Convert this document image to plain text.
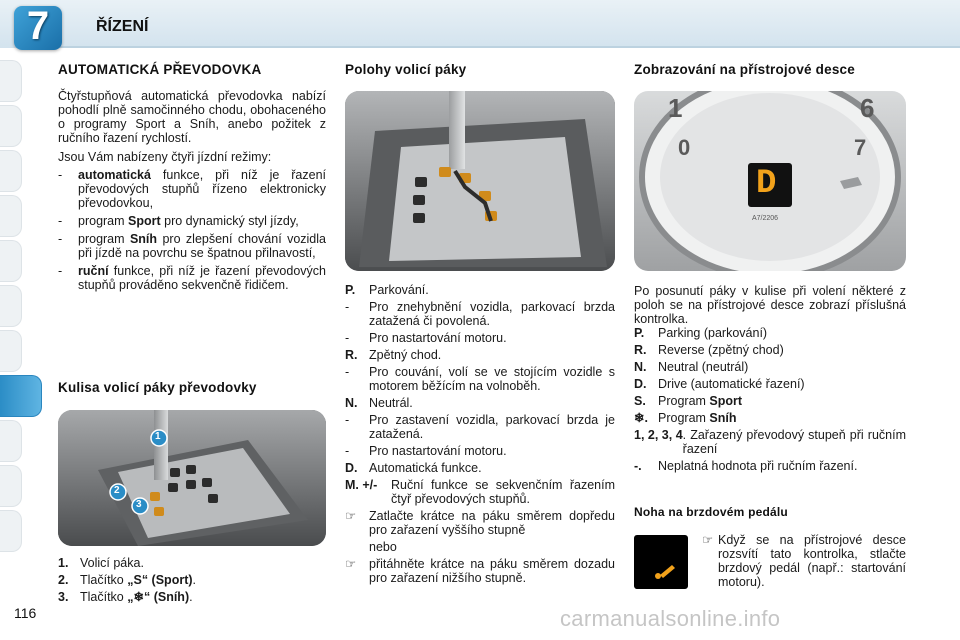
7	ŘÍZENÍ
AUTOMATICKÁ PŘEVODOVKA

Čtyřstupňová automatická převodovka nabízí pohodlí plně samočinného chodu, obohaceného o programy Sport a Sníh, anebo požitek z ručního řazení rychlostí.

Jsou Vám nabízeny čtyři jízdní režimy:

-	automatická funkce, při níž je řazení převodových stupňů řízeno elektronicky převodovkou,
-	program Sport pro dynamický styl jízdy,
-	program Sníh pro zlepšení chování vozidla při jízdě na povrchu se špatnou přilnavostí,
-	ruční funkce, při níž je řazení převodových stupňů prováděno sekvenčně řidičem.
Kulisa volicí páky převodovky
1
2
3
1. Volicí páka.
2. Tlačítko „S“ (Sport).
3. Tlačítko „❄“ (Sníh).
Polohy volicí páky
P.	Parkování.
-	Pro znehybnění vozidla, parkovací brzda zatažená či povolená.
-	Pro nastartování motoru.
R. Zpětný chod.
-	Pro couvání, volí se ve stojícím vozidle s motorem běžícím na volnoběh.
N. Neutrál.
-	Pro zastavení vozidla, parkovací brzda je zatažená.
-	Pro nastartování motoru.
D. Automatická funkce.
M. +/-	Ruční funkce se sekvenčním řazením čtyř převodových stupňů.
☞	Zatlačte krátce na páku směrem dopředu pro zařazení vyššího stupně
nebo
☞	přitáhněte krátce na páku směrem dozadu pro zařazení nižšího stupně.
Zobrazování na přístrojové desce
1
0
6
7
D
A7/2206

Po posunutí páky v kulise při volení některé z poloh se na přístrojové desce zobrazí příslušná kontrolka.

P.	Parking (parkování)
R. Reverse (zpětný chod)
N. Neutral (neutrál)
D. Drive (automatické řazení)
S. Program Sport
❄. Program Sníh
1, 2, 3, 4 . Zařazený převodový stupeň při ručním řazení
-.	Neplatná hodnota při ručním řazení.
Noha na brzdovém pedálu
☞ Když se na přístrojové desce rozsvítí tato kontrolka, stlačte brzdový pedál (např.: startování motoru).
116	carmanualsonline.info
